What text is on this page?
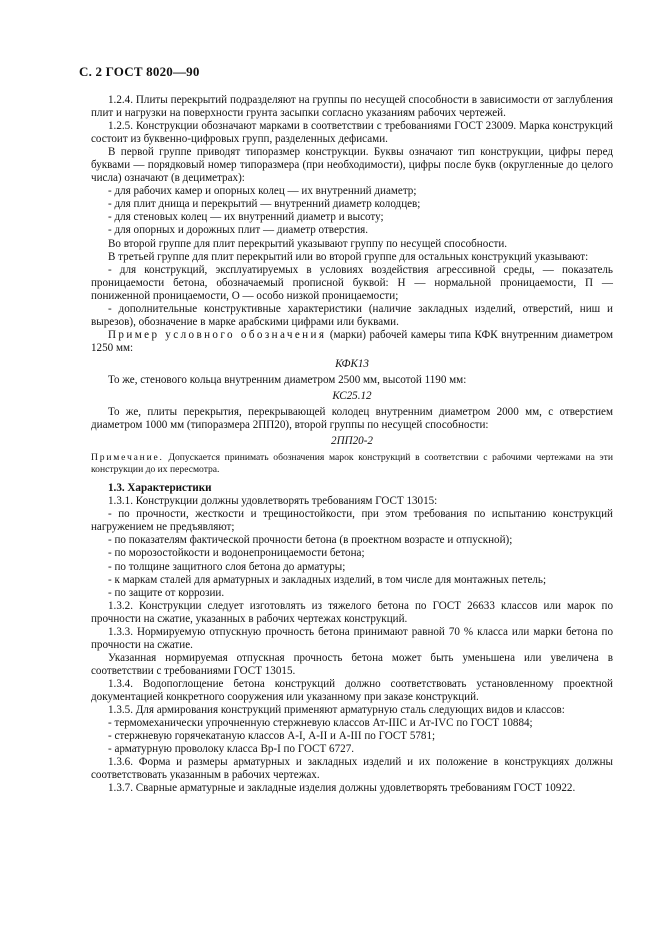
С. 2 ГОСТ 8020—90

1.2.4. Плиты перекрытий подразделяют на группы по несущей способности в зависимости от заглубления плит и нагрузки на поверхности грунта засыпки согласно указаниям рабочих чертежей.

1.2.5. Конструкции обозначают марками в соответствии с требованиями ГОСТ 23009. Марка конструкций состоит из буквенно-цифровых групп, разделенных дефисами.

В первой группе приводят типоразмер конструкции. Буквы означают тип конструкции, цифры перед буквами — порядковый номер типоразмера (при необходимости), цифры после букв (округленные до целого числа) означают (в дециметрах):

- для рабочих камер и опорных колец — их внутренний диаметр;

- для плит днища и перекрытий — внутренний диаметр колодцев;

- для стеновых колец — их внутренний диаметр и высоту;

- для опорных и дорожных плит — диаметр отверстия.

Во второй группе для плит перекрытий указывают группу по несущей способности.

В третьей группе для плит перекрытий или во второй группе для остальных конструкций указывают:

- для конструкций, эксплуатируемых в условиях воздействия агрессивной среды, — показатель проницаемости бетона, обозначаемый прописной буквой: Н — нормальной проницаемости, П — пониженной проницаемости, О — особо низкой проницаемости;

- дополнительные конструктивные характеристики (наличие закладных изделий, отверстий, ниш и вырезов), обозначение в марке арабскими цифрами или буквами.

Пример условного обозначения (марки) рабочей камеры типа КФК внутренним диаметром 1250 мм:

КФК13

То же, стенового кольца внутренним диаметром 2500 мм, высотой 1190 мм:

КС25.12

То же, плиты перекрытия, перекрывающей колодец внутренним диаметром 2000 мм, с отверстием диаметром 1000 мм (типоразмера 2ПП20), второй группы по несущей способности:

2ПП20-2

Примечание. Допускается принимать обозначения марок конструкций в соответствии с рабочими чертежами на эти конструкции до их пересмотра.

1.3. Характеристики

1.3.1. Конструкции должны удовлетворять требованиям ГОСТ 13015:

- по прочности, жесткости и трещиностойкости, при этом требования по испытанию конструкций нагружением не предъявляют;

- по показателям фактической прочности бетона (в проектном возрасте и отпускной);

- по морозостойкости и водонепроницаемости бетона;

- по толщине защитного слоя бетона до арматуры;

- к маркам сталей для арматурных и закладных изделий, в том числе для монтажных петель;

- по защите от коррозии.

1.3.2. Конструкции следует изготовлять из тяжелого бетона по ГОСТ 26633 классов или марок по прочности на сжатие, указанных в рабочих чертежах конструкций.

1.3.3. Нормируемую отпускную прочность бетона принимают равной 70 % класса или марки бетона по прочности на сжатие.

Указанная нормируемая отпускная прочность бетона может быть уменьшена или увеличена в соответствии с требованиями ГОСТ 13015.

1.3.4. Водопоглощение бетона конструкций должно соответствовать установленному проектной документацией конкретного сооружения или указанному при заказе конструкций.

1.3.5. Для армирования конструкций применяют арматурную сталь следующих видов и классов:

- термомеханически упрочненную стержневую классов Ат-IIIС и Ат-IVС по ГОСТ 10884;

- стержневую горячекатаную классов А-I, А-II и А-III по ГОСТ 5781;

- арматурную проволоку класса Вр-I по ГОСТ 6727.

1.3.6. Форма и размеры арматурных и закладных изделий и их положение в конструкциях должны соответствовать указанным в рабочих чертежах.

1.3.7. Сварные арматурные и закладные изделия должны удовлетворять требованиям ГОСТ 10922.
